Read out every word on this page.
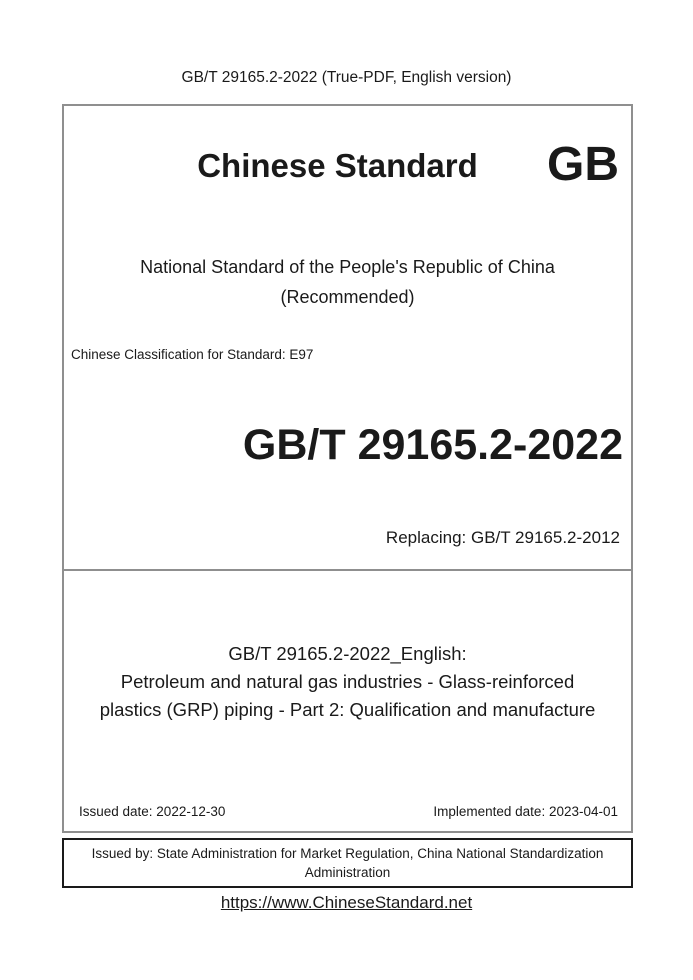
GB/T 29165.2-2022 (True-PDF, English version)
Chinese Standard	GB
National Standard of the People's Republic of China
(Recommended)
Chinese Classification for Standard: E97
GB/T 29165.2-2022
Replacing: GB/T 29165.2-2012
GB/T 29165.2-2022_English:
Petroleum and natural gas industries - Glass-reinforced
plastics (GRP) piping - Part 2: Qualification and manufacture
Issued date: 2022-12-30	Implemented date: 2023-04-01
Issued by: State Administration for Market Regulation, China National Standardization Administration
https://www.ChineseStandard.net
